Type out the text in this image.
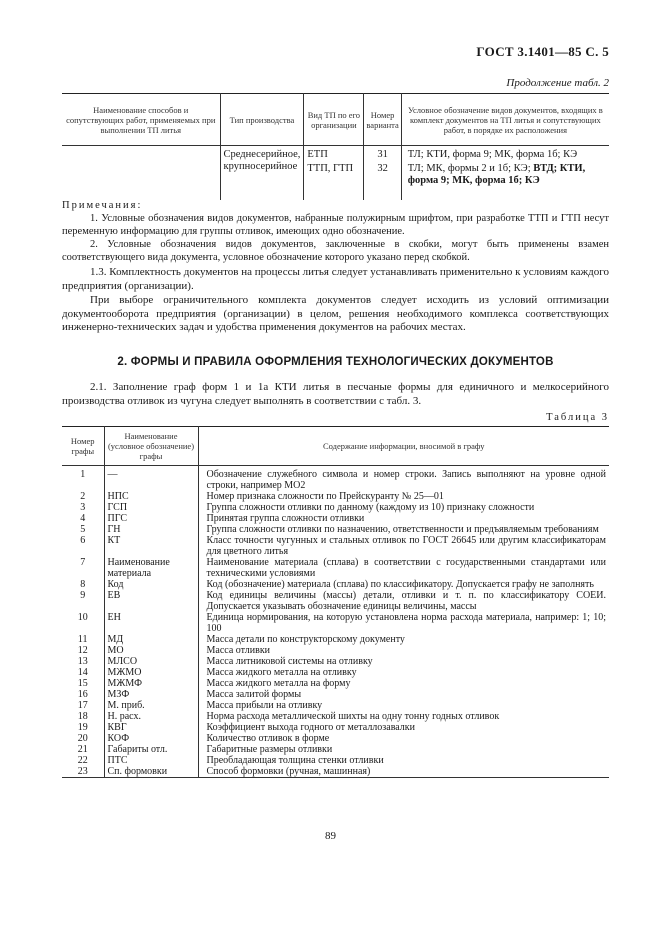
ГОСТ 3.1401—85 С. 5
Продолжение табл. 2
Наименование способов и сопутствующих работ, применяемых при выполнении ТП литья	Тип производства	Вид ТП по его организации	Номер варианта	Условное обозначение видов документов, входящих в комплект документов на ТП литья и сопутствующих работ, в порядке их расположения
	Среднесерийное, крупносерийное	ЕТП	31	ТЛ; КТИ, форма 9; МК, форма 1б; КЭ
		ТТП, ГТП	32	ТЛ; МК, формы 2 и 1б; КЭ; ВТД; КТИ, форма 9; МК, форма 1б; КЭ

Примечания:
1. Условные обозначения видов документов, набранные полужирным шрифтом, при разработке ТТП и ГТП несут переменную информацию для группы отливок, имеющих одно обозначение.
2. Условные обозначения видов документов, заключенные в скобки, могут быть применены взамен соответствующего вида документа, условное обозначение которого указано перед скобкой.
1.3. Комплектность документов на процессы литья следует устанавливать применительно к условиям каждого предприятия (организации).
При выборе ограничительного комплекта документов следует исходить из условий оптимизации документооборота предприятия (организации) в целом, решения необходимого комплекса соответствующих инженерно-технических задач и удобства применения документов на рабочих местах.
2. ФОРМЫ И ПРАВИЛА ОФОРМЛЕНИЯ ТЕХНОЛОГИЧЕСКИХ ДОКУМЕНТОВ
2.1. Заполнение граф форм 1 и 1а КТИ литья в песчаные формы для единичного и мелкосерийного производства отливок из чугуна следует выполнять в соответствии с табл. 3.
Таблица 3
Номер графы	Наименование (условное обозначение) графы	Содержание информации, вносимой в графу
1	—	Обозначение служебного символа и номер строки. Запись выполняют на уровне одной строки, например МО2
2	НПС	Номер признака сложности по Прейскуранту № 25—01
3	ГСП	Группа сложности отливки по данному (каждому из 10) признаку сложности
4	ПГС	Принятая группа сложности отливки
5	ГН	Группа сложности отливки по назначению, ответственности и предъявляемым требованиям
6	КТ	Класс точности чугунных и стальных отливок по ГОСТ 26645 или другим классификаторам для цветного литья
7	Наименование материала	Наименование материала (сплава) в соответствии с государственными стандартами или техническими условиями
8	Код	Код (обозначение) материала (сплава) по классификатору. Допускается графу не заполнять
9	ЕВ	Код единицы величины (массы) детали, отливки и т. п. по классификатору СОЕИ. Допускается указывать обозначение единицы величины, массы
10	ЕН	Единица нормирования, на которую установлена норма расхода материала, например: 1; 10; 100
11	МД	Масса детали по конструкторскому документу
12	МО	Масса отливки
13	МЛСО	Масса литниковой системы на отливку
14	МЖМО	Масса жидкого металла на отливку
15	МЖМФ	Масса жидкого металла на форму
16	МЗФ	Масса залитой формы
17	М. приб.	Масса прибыли на отливку
18	Н. расх.	Норма расхода металлической шихты на одну тонну годных отливок
19	КВГ	Коэффициент выхода годного от металлозавалки
20	КОФ	Количество отливок в форме
21	Габариты отл.	Габаритные размеры отливки
22	ПТС	Преобладающая толщина стенки отливки
23	Сп. формовки	Способ формовки (ручная, машинная)
89
